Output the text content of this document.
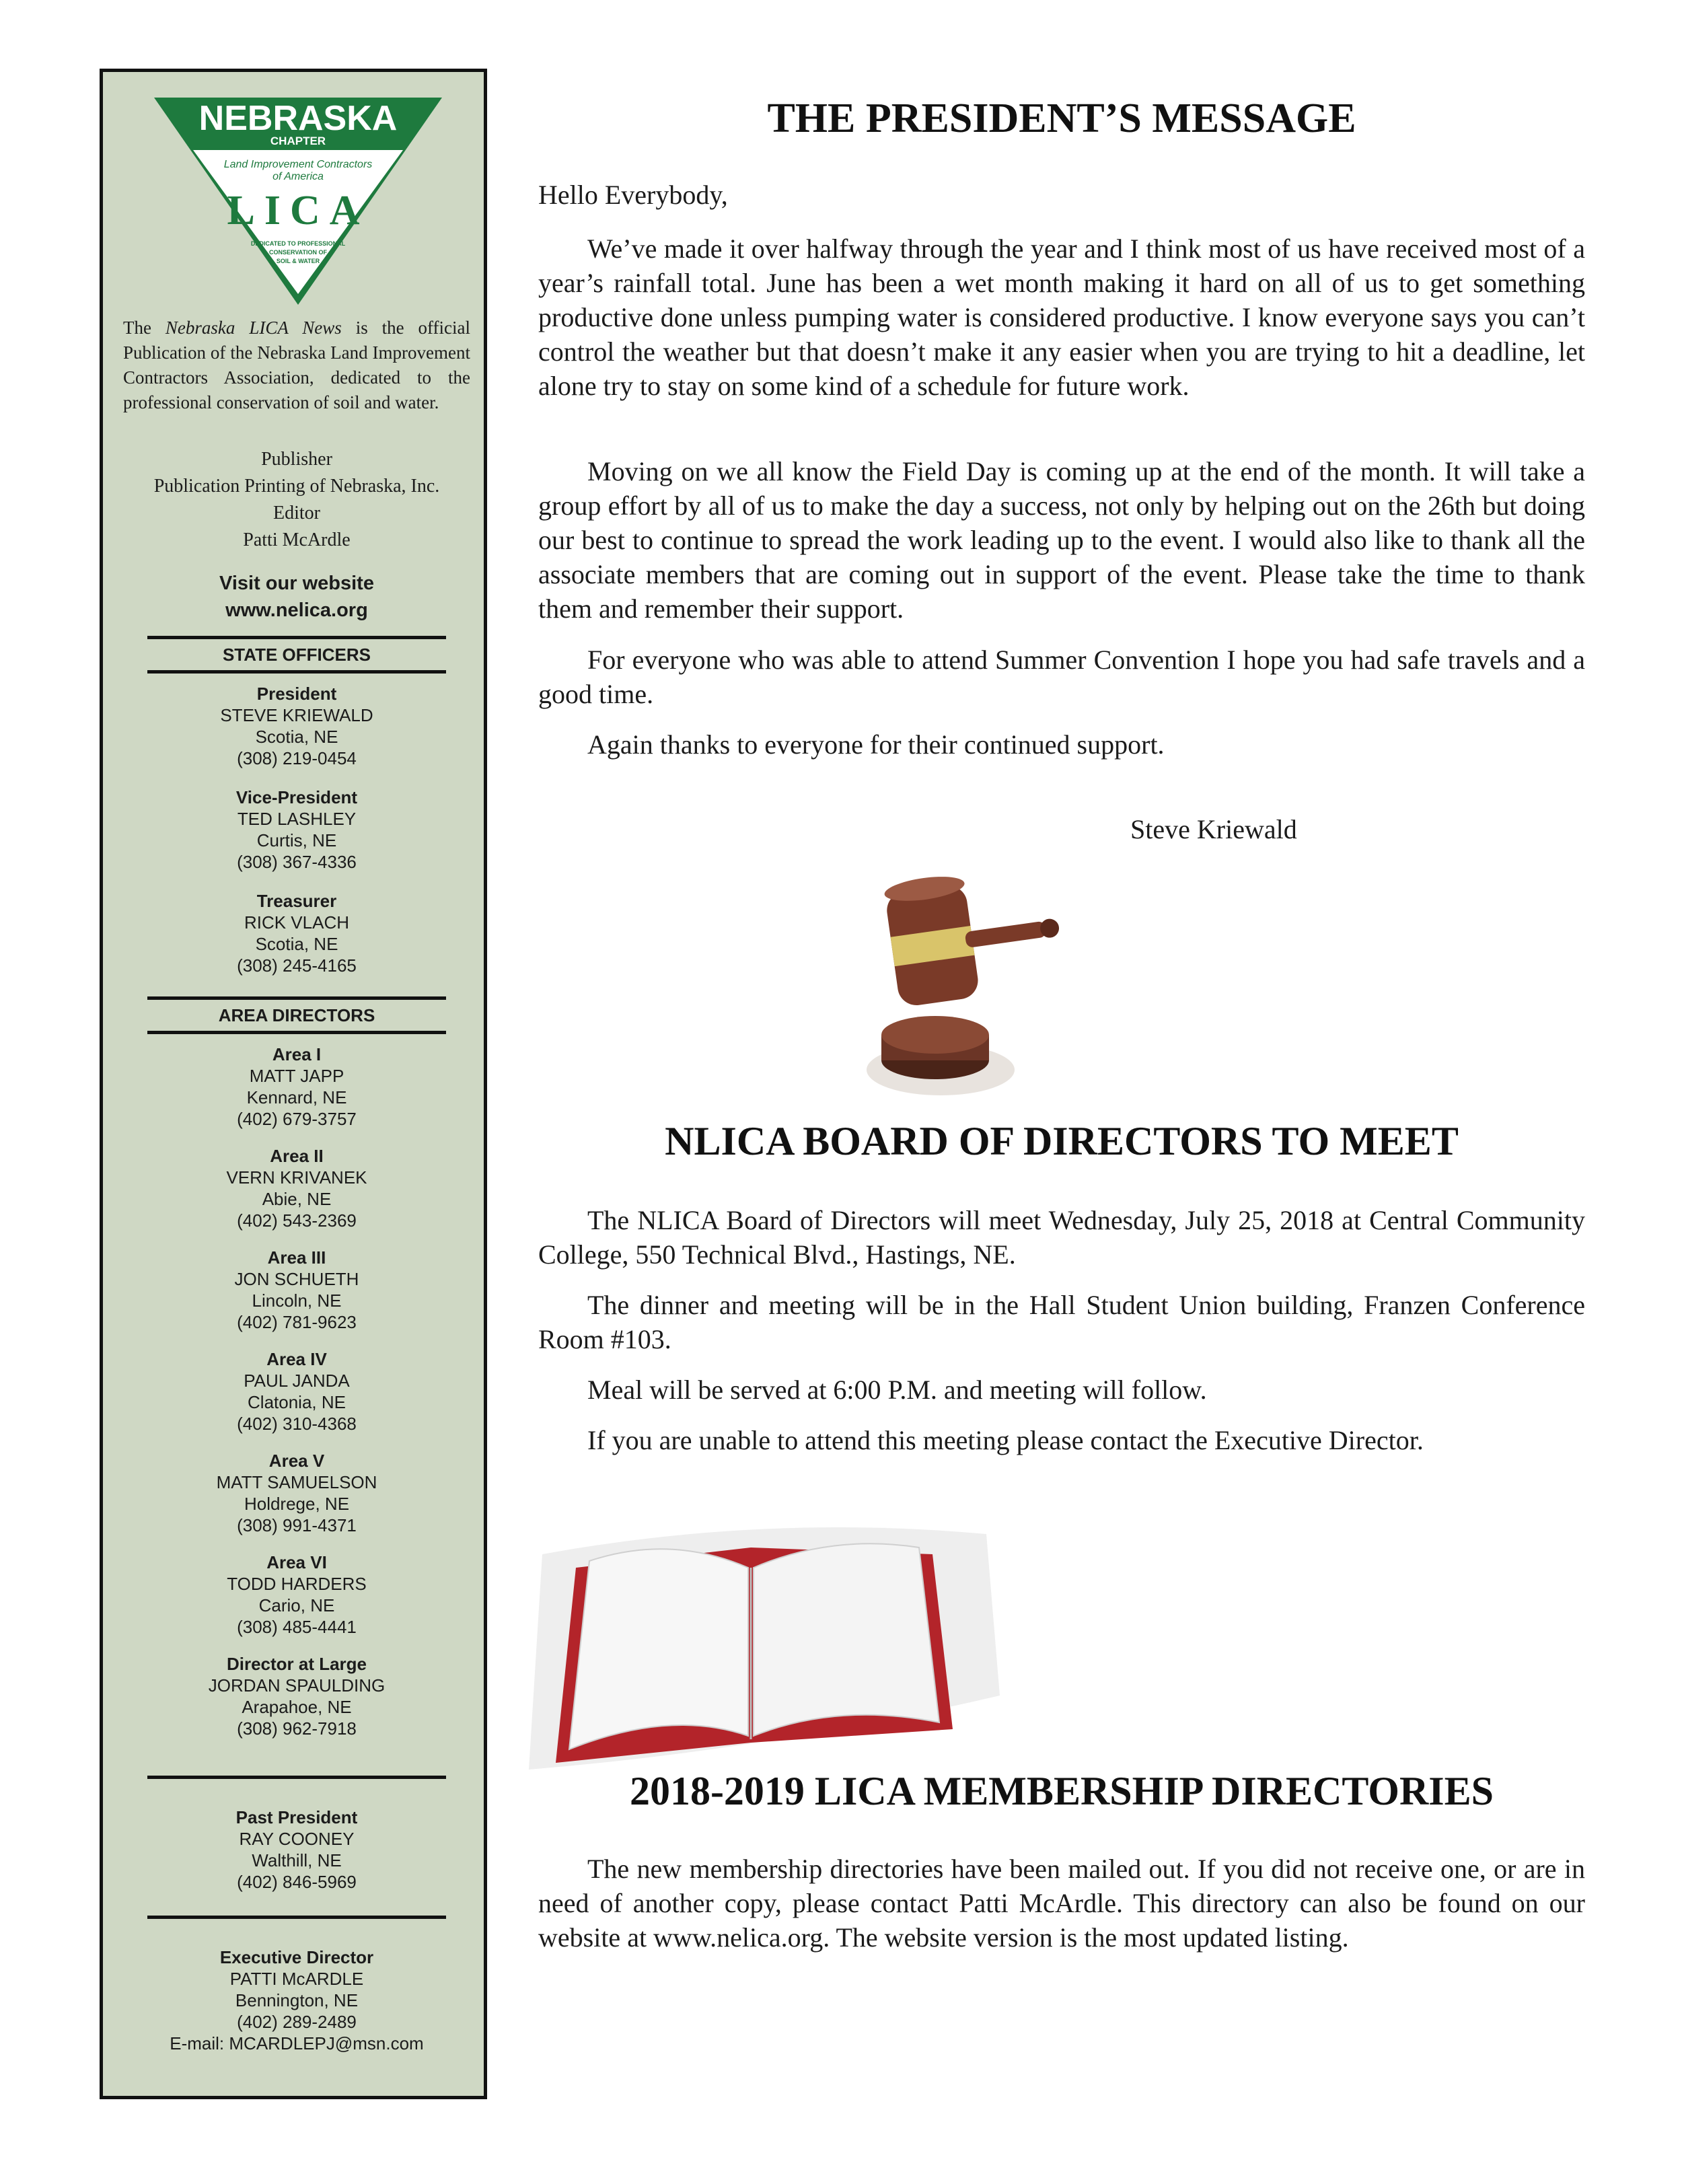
NEBRASKA
CHAPTER
Land Improvement Contractors
of America
LICA
DEDICATED TO PROFESSIONAL
CONSERVATION OF
SOIL & WATER
The Nebraska LICA News is the official Publication of the Nebraska Land Improvement Contractors Association, dedicated to the professional conservation of soil and water.
Publisher
Publication Printing of Nebraska, Inc.
Editor
Patti McArdle
Visit our website
www.nelica.org
STATE OFFICERS
President
STEVE KRIEWALD
Scotia, NE
(308) 219-0454
Vice-President
TED LASHLEY
Curtis, NE
(308) 367-4336
Treasurer
RICK VLACH
Scotia, NE
(308) 245-4165
AREA DIRECTORS
Area I
MATT JAPP
Kennard, NE
(402) 679-3757
Area II
VERN KRIVANEK
Abie, NE
(402) 543-2369
Area III
JON SCHUETH
Lincoln, NE
(402) 781-9623
Area IV
PAUL JANDA
Clatonia, NE
(402) 310-4368
Area V
MATT SAMUELSON
Holdrege, NE
(308) 991-4371
Area VI
TODD HARDERS
Cario, NE
(308) 485-4441
Director at Large
JORDAN SPAULDING
Arapahoe, NE
(308) 962-7918
Past President
RAY COONEY
Walthill, NE
(402) 846-5969
Executive Director
PATTI McARDLE
Bennington, NE
(402) 289-2489
E-mail: MCARDLEPJ@msn.com
THE PRESIDENT’S MESSAGE

Hello Everybody,

We’ve made it over halfway through the year and I think most of us have received most of a year’s rainfall total. June has been a wet month making it hard on all of us to get something productive done unless pumping water is considered productive. I know everyone says you can’t control the weather but that doesn’t make it any easier when you are trying to hit a deadline, let alone try to stay on some kind of a schedule for future work.

Moving on we all know the Field Day is coming up at the end of the month. It will take a group effort by all of us to make the day a success, not only by helping out on the 26th but doing our best to continue to spread the work leading up to the event. I would also like to thank all the associate members that are coming out in support of the event. Please take the time to thank them and remember their support.

For everyone who was able to attend Summer Convention I hope you had safe travels and a good time.

Again thanks to everyone for their continued support.

Steve Kriewald
NLICA BOARD OF DIRECTORS TO MEET

The NLICA Board of Directors will meet Wednesday, July 25, 2018 at Central Community College, 550 Technical Blvd., Hastings, NE.

The dinner and meeting will be in the Hall Student Union building, Franzen Conference Room #103.

Meal will be served at 6:00 P.M. and meeting will follow.

If you are unable to attend this meeting please contact the Executive Director.

2018-2019 LICA MEMBERSHIP DIRECTORIES

The new membership directories have been mailed out. If you did not receive one, or are in need of another copy, please contact Patti McArdle. This directory can also be found on our website at www.nelica.org. The website version is the most updated listing.
